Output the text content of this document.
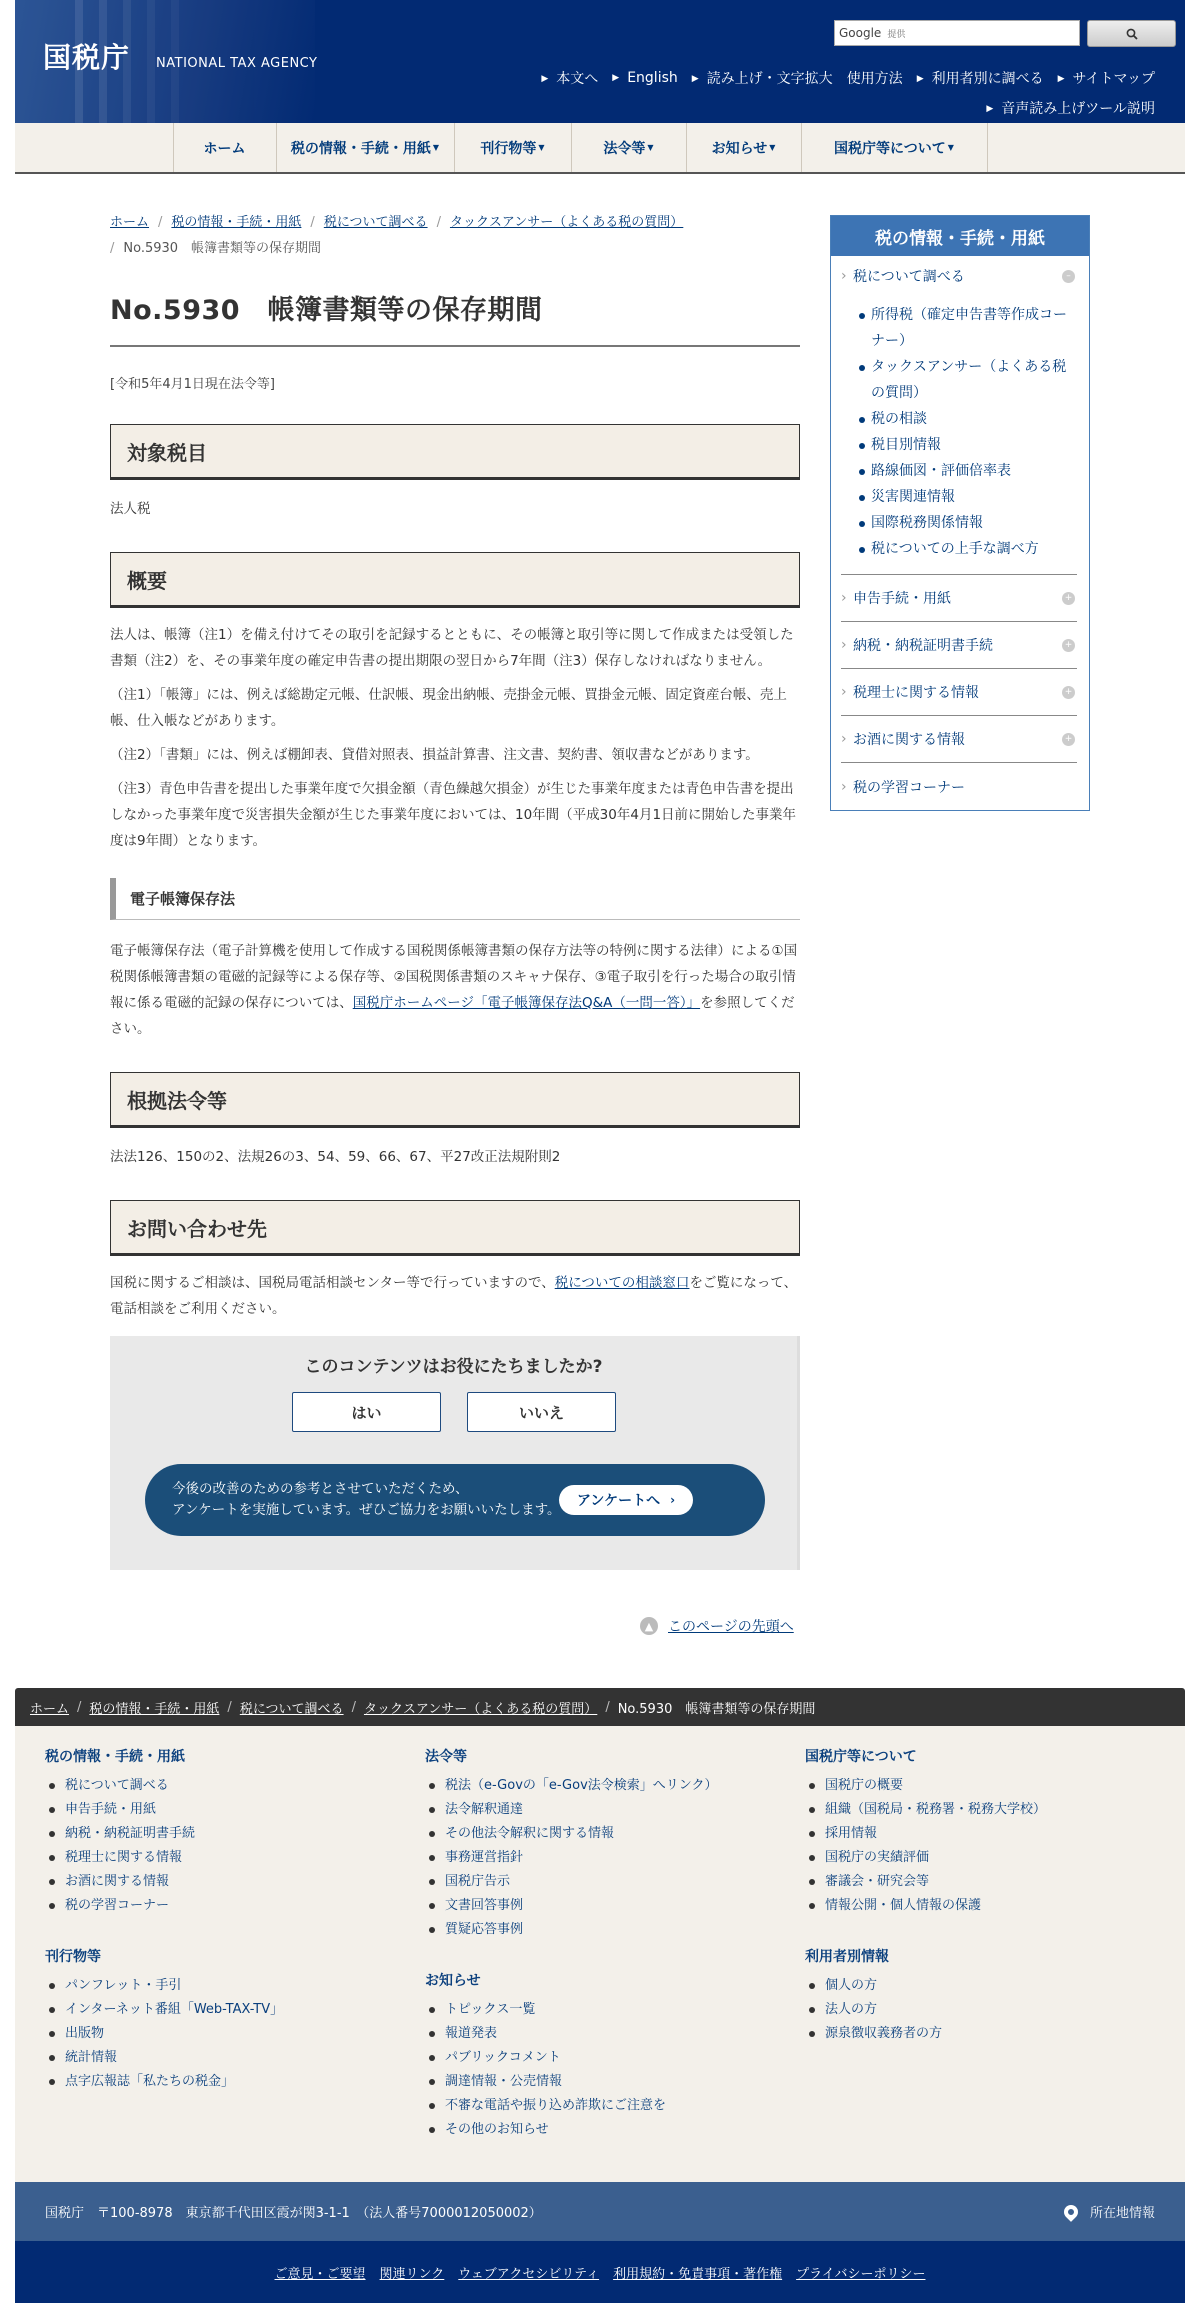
国税庁 NATIONAL TAX AGENCY
Google 提供
▶ 本文へ	▶ English	▶ 読み上げ・文字拡大 使用方法	▶ 利用者別に調べる	▶ サイトマップ
▶ 音声読み上げツール説明
ホーム	税の情報・手続・用紙 ▼	刊行物等 ▼	法令等 ▼	お知らせ ▼	国税庁等について ▼
ホーム / 税の情報・手続・用紙 / 税について調べる / タックスアンサー（よくある税の質問）
/ No.5930　帳簿書類等の保存期間
No.5930　帳簿書類等の保存期間

[令和5年4月1日現在法令等]

対象税目

法人税

概要

法人は、帳簿（注1）を備え付けてその取引を記録するとともに、その帳簿と取引等に関して作成または受領した書類（注2）を、その事業年度の確定申告書の提出期限の翌日から7年間（注3）保存しなければなりません。

（注1）「帳簿」には、例えば総勘定元帳、仕訳帳、現金出納帳、売掛金元帳、買掛金元帳、固定資産台帳、売上帳、仕入帳などがあります。

（注2）「書類」には、例えば棚卸表、貸借対照表、損益計算書、注文書、契約書、領収書などがあります。

（注3）青色申告書を提出した事業年度で欠損金額（青色繰越欠損金）が生じた事業年度または青色申告書を提出しなかった事業年度で災害損失金額が生じた事業年度においては、10年間（平成30年4月1日前に開始した事業年度は9年間）となります。

電子帳簿保存法

電子帳簿保存法（電子計算機を使用して作成する国税関係帳簿書類の保存方法等の特例に関する法律）による①国税関係帳簿書類の電磁的記録等による保存等、②国税関係書類のスキャナ保存、③電子取引を行った場合の取引情報に係る電磁的記録の保存については、国税庁ホームページ「電子帳簿保存法Q&A（一問一答）」を参照してください。

根拠法令等

法法126、150の2、法規26の3、54、59、66、67、平27改正法規附則2

お問い合わせ先

国税に関するご相談は、国税局電話相談センター等で行っていますので、税についての相談窓口をご覧になって、電話相談をご利用ください。

このコンテンツはお役にたちましたか?
はい	いいえ
今後の改善のための参考とさせていただくため、
アンケートを実施しています。ぜひご協力をお願いいたします。
アンケートへ ›
▲	このページの先頭へ
税の情報・手続・用紙
› 税について調べる	–
所得税（確定申告書等作成コーナー）
タックスアンサー（よくある税の質問）
税の相談
税目別情報
路線価図・評価倍率表
災害関連情報
国際税務関係情報
税についての上手な調べ方
› 申告手続・用紙	+
› 納税・納税証明書手続	+
› 税理士に関する情報	+
› お酒に関する情報	+
› 税の学習コーナー
ホーム / 税の情報・手続・用紙 / 税について調べる / タックスアンサー（よくある税の質問） / No.5930　帳簿書類等の保存期間
税の情報・手続・用紙
税について調べる
申告手続・用紙
納税・納税証明書手続
税理士に関する情報
お酒に関する情報
税の学習コーナー
刊行物等
パンフレット・手引
インターネット番組「Web-TAX-TV」
出版物
統計情報
点字広報誌「私たちの税金」
法令等
税法（e-Govの「e-Gov法令検索」へリンク）
法令解釈通達
その他法令解釈に関する情報
事務運営指針
国税庁告示
文書回答事例
質疑応答事例
お知らせ
トピックス一覧
報道発表
パブリックコメント
調達情報・公売情報
不審な電話や振り込め詐欺にご注意を
その他のお知らせ
国税庁等について
国税庁の概要
組織（国税局・税務署・税務大学校）
採用情報
国税庁の実績評価
審議会・研究会等
情報公開・個人情報の保護
利用者別情報
個人の方
法人の方
源泉徴収義務者の方
国税庁　〒100-8978　東京都千代田区霞が関3-1-1　（法人番号7000012050002）	所在地情報
ご意見・ご要望 関連リンク ウェブアクセシビリティ 利用規約・免責事項・著作権 プライバシーポリシー
